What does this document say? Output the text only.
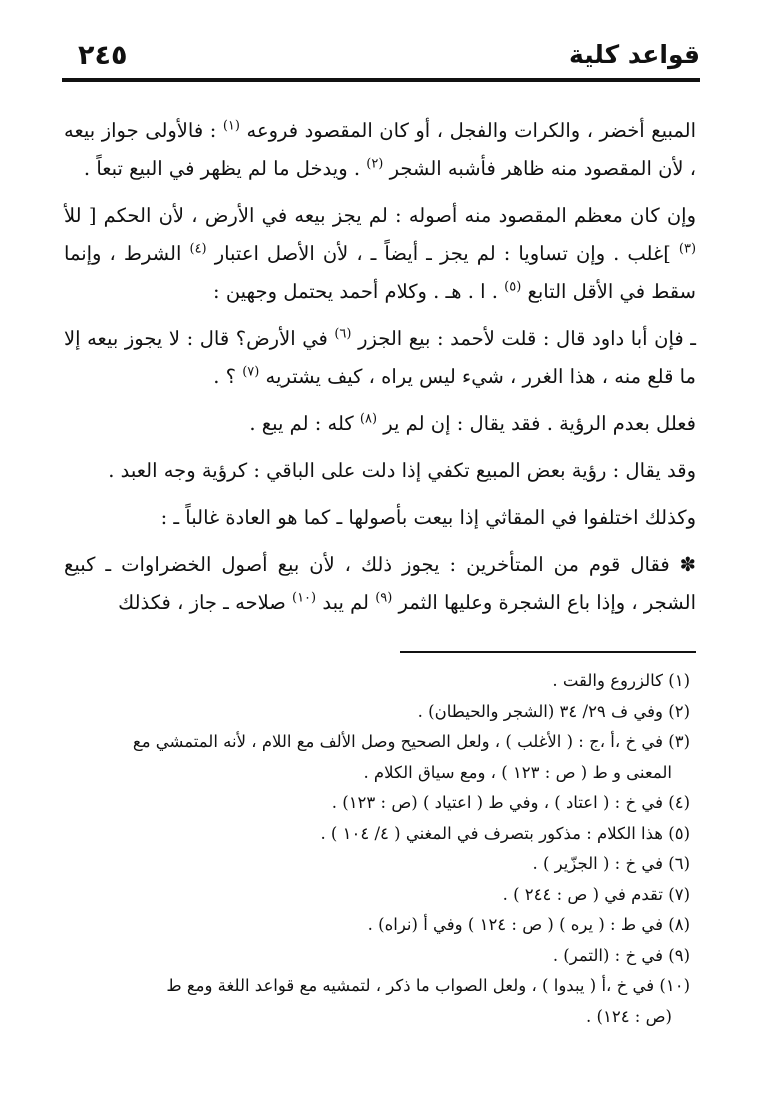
٢٤٥	قواعد كلية

المبيع أخضر ، والكرات والفجل ، أو كان المقصود فروعه $^{(١)}$ : فالأولى جواز بيعه ، لأن المقصود منه ظاهر فأشبه الشجر $^{(٢)}$ . ويدخل ما لم يظهر في البيع تبعاً .

وإن كان معظم المقصود منه أصوله : لم يجز بيعه في الأرض ، لأن الحكم [ للأ $^{(٣)}$ ]غلب . وإن تساويا : لم يجز ـ أيضاً ـ ، لأن الأصل اعتبار $^{(٤)}$ الشرط ، وإنما سقط في الأقل التابع $^{(٥)}$ . ا . هـ . وكلام أحمد يحتمل وجهين :

ـ فإن أبا داود قال : قلت لأحمد : بيع الجزر $^{(٦)}$ في الأرض؟ قال : لا يجوز بيعه إلا ما قلع منه ، هذا الغرر ، شيء ليس يراه ، كيف يشتريه $^{(٧)}$ ؟ .

فعلل بعدم الرؤية . فقد يقال : إن لم ير $^{(٨)}$ كله : لم يبع .

وقد يقال : رؤية بعض المبيع تكفي إذا دلت على الباقي : كرؤية وجه العبد .

وكذلك اختلفوا في المقاثي إذا بيعت بأصولها ـ كما هو العادة غالباً ـ :

✽ فقال قوم من المتأخرين : يجوز ذلك ، لأن بيع أصول الخضراوات ـ كبيع الشجر ، وإذا باع الشجرة وعليها الثمر $^{(٩)}$ لم يبد $^{(١٠)}$ صلاحه ـ جاز ، فكذلك

(١) كالزروع والقت .

(٢) وفي ف ٢٩/ ٣٤ (الشجر والحيطان) .

(٣) في خ ،أ ،ج : ( الأغلب ) ، ولعل الصحيح وصل الألف مع اللام ، لأنه المتمشي مع

المعنى و ط ( ص : ١٢٣ ) ، ومع سياق الكلام .

(٤) في خ : ( اعتاد ) ، وفي ط ( اعتياد ) (ص : ١٢٣) .

(٥) هذا الكلام : مذكور بتصرف في المغني ( ٤/ ١٠٤ ) .

(٦) في خ : ( الجزّير ) .

(٧) تقدم في ( ص : ٢٤٤ ) .

(٨) في ط : ( يره ) ( ص : ١٢٤ ) وفي أ (نراه) .

(٩) في خ : (التمر) .

(١٠) في خ ،أ ( يبدوا ) ، ولعل الصواب ما ذكر ، لتمشيه مع قواعد اللغة ومع ط

(ص : ١٢٤) .
